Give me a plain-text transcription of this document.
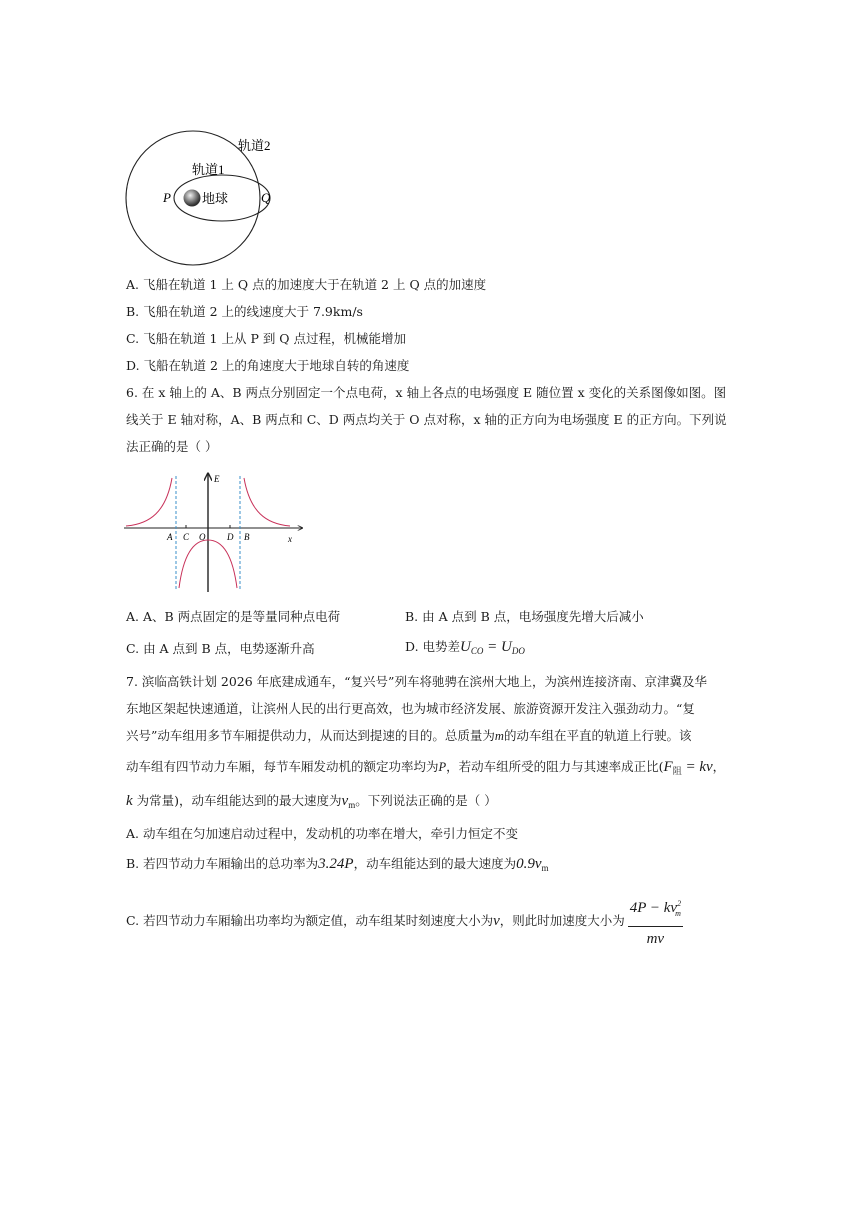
轨道2
轨道1
P	Q
地球
A. 飞船在轨道 1 上 Q 点的加速度大于在轨道 2 上 Q 点的加速度
B. 飞船在轨道 2 上的线速度大于 7.9km/s
C. 飞船在轨道 1 上从 P 到 Q 点过程，机械能增加
D. 飞船在轨道 2 上的角速度大于地球自转的角速度
6. 在 x 轴上的 A、B 两点分别固定一个点电荷，x 轴上各点的电场强度 E 随位置 x 变化的关系图像如图。图
线关于 E 轴对称，A、B 两点和 C、D 两点均关于 O 点对称，x 轴的正方向为电场强度 E 的正方向。下列说
法正确的是（ ）
E
x
A C O D B
A. A、B 两点固定的是等量同种点电荷	B. 由 A 点到 B 点，电场强度先增大后减小
C. 由 A 点到 B 点，电势逐渐升高	D. 电势差$U_{CO} = U_{DO}$
7. 滨临高铁计划 2026 年底建成通车，“复兴号”列车将驰骋在滨州大地上，为滨州连接济南、京津冀及华
东地区架起快速通道，让滨州人民的出行更高效，也为城市经济发展、旅游资源开发注入强劲动力。“复
兴号”动车组用多节车厢提供动力，从而达到提速的目的。总质量为m的动车组在平直的轨道上行驶。该
动车组有四节动力车厢，每节车厢发动机的额定功率均为P，若动车组所受的阻力与其速率成正比($F_阻$ = kv，
k 为常量)，动车组能达到的最大速度为$v_m$。下列说法正确的是（ ）
A. 动车组在匀加速启动过程中，发动机的功率在增大，牵引力恒定不变
B. 若四节动力车厢输出的总功率为3.24P，动车组能达到的最大速度为$0.9v_m$
C. 若四节动力车厢输出功率均为额定值，动车组某时刻速度大小为v，则此时加速度大小为 $\frac{4P - kv^2_m}{mv}$
